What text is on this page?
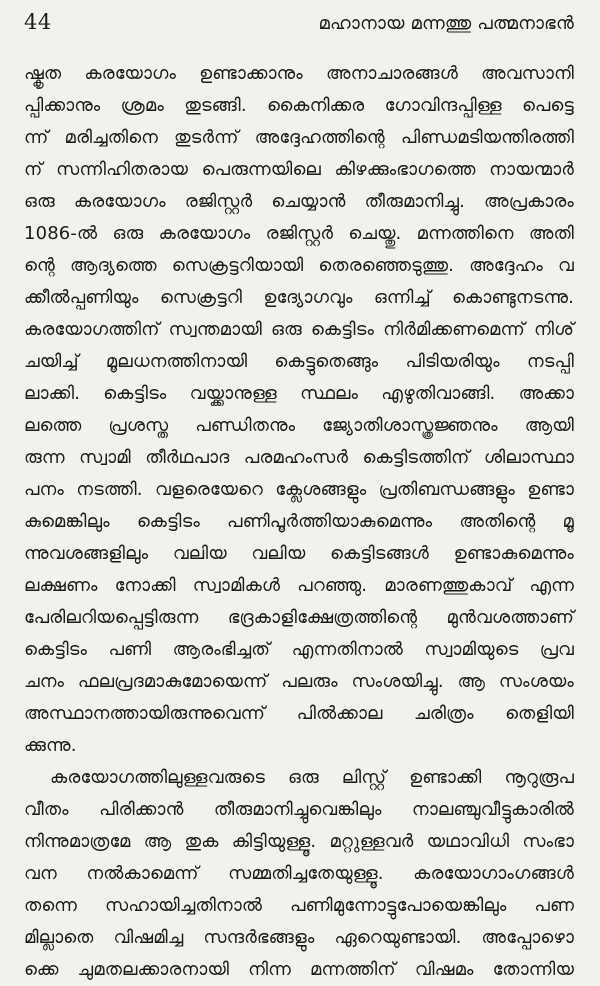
44	മഹാനായ മന്നത്തു പത്മനാഭൻ
ഷ്കൃത കരയോഗം ഉണ്ടാക്കാനും അനാചാരങ്ങൾ അവസാനി
പ്പിക്കാനും ശ്രമം തുടങ്ങി. കൈനിക്കര ഗോവിന്ദപ്പിള്ള പെട്ടെ
ന്ന് മരിച്ചതിനെ തുടർന്ന് അദ്ദേഹത്തിന്റെ പിണ്ഡമടിയന്തിരത്തി
ന് സന്നിഹിതരായ പെരുന്നയിലെ കിഴക്കുംഭാഗത്തെ നായന്മാർ
ഒരു കരയോഗം രജിസ്റ്റർ ചെയ്യാൻ തീരുമാനിച്ചു. അപ്രകാരം
1086-ൽ ഒരു കരയോഗം രജിസ്റ്റർ ചെയ്തു. മന്നത്തിനെ അതി
ന്റെ ആദ്യത്തെ സെക്രട്ടറിയായി തെരഞ്ഞെടുത്തു. അദ്ദേഹം വ
ക്കീൽപ്പണിയും സെക്രട്ടറി ഉദ്യോഗവും ഒന്നിച്ച് കൊണ്ടുനടന്നു.
കരയോഗത്തിന് സ്വന്തമായി ഒരു കെട്ടിടം നിർമിക്കണമെന്ന് നിശ്
ചയിച്ച് മൂലധനത്തിനായി കെട്ടുതെങ്ങും പിടിയരിയും നടപ്പി
ലാക്കി. കെട്ടിടം വയ്ക്കാനുള്ള സ്ഥലം എഴുതിവാങ്ങി. അക്കാ
ലത്തെ പ്രശസ്ത പണ്ഡിതനും ജ്യോതിശാസ്ത്രജ്ഞനും ആയി
രുന്ന സ്വാമി തീർഥപാദ പരമഹംസർ കെട്ടിടത്തിന് ശിലാസ്ഥാ
പനം നടത്തി. വളരെയേറെ ക്ലേശങ്ങളും പ്രതിബന്ധങ്ങളും ഉണ്ടാ
കുമെങ്കിലും കെട്ടിടം പണിപൂർത്തിയാകുമെന്നും അതിന്റെ മൂ
ന്നുവശങ്ങളിലും വലിയ വലിയ കെട്ടിടങ്ങൾ ഉണ്ടാകുമെന്നും
ലക്ഷണം നോക്കി സ്വാമികൾ പറഞ്ഞു. മാരണത്തുകാവ് എന്ന
പേരിലറിയപ്പെട്ടിരുന്ന ഭദ്രകാളിക്ഷേത്രത്തിന്റെ മുൻവശത്താണ്
കെട്ടിടം പണി ആരംഭിച്ചത് എന്നതിനാൽ സ്വാമിയുടെ പ്രവ
ചനം ഫലപ്രദമാകുമോയെന്ന് പലരും സംശയിച്ചു. ആ സംശയം
അസ്ഥാനത്തായിരുന്നുവെന്ന് പിൽക്കാല ചരിത്രം തെളിയി
ക്കുന്നു.
കരയോഗത്തിലുള്ളവരുടെ ഒരു ലിസ്റ്റ് ഉണ്ടാക്കി നൂറുരൂപ
വീതം പിരിക്കാൻ തീരുമാനിച്ചുവെങ്കിലും നാലഞ്ചുവീട്ടുകാരിൽ
നിന്നുമാത്രമേ ആ തുക കിട്ടിയുള്ളൂ. മറ്റുള്ളവർ യഥാവിധി സംഭാ
വന നൽകാമെന്ന് സമ്മതിച്ചതേയുള്ളൂ. കരയോഗാംഗങ്ങൾ
തന്നെ സഹായിച്ചതിനാൽ പണിമുന്നോട്ടുപോയെങ്കിലും പണ
മില്ലാതെ വിഷമിച്ച സന്ദർഭങ്ങളും ഏറെയുണ്ടായി. അപ്പോഴൊ
ക്കെ ചുമതലക്കാരനായി നിന്ന മന്നത്തിന് വിഷമം തോന്നിയ
